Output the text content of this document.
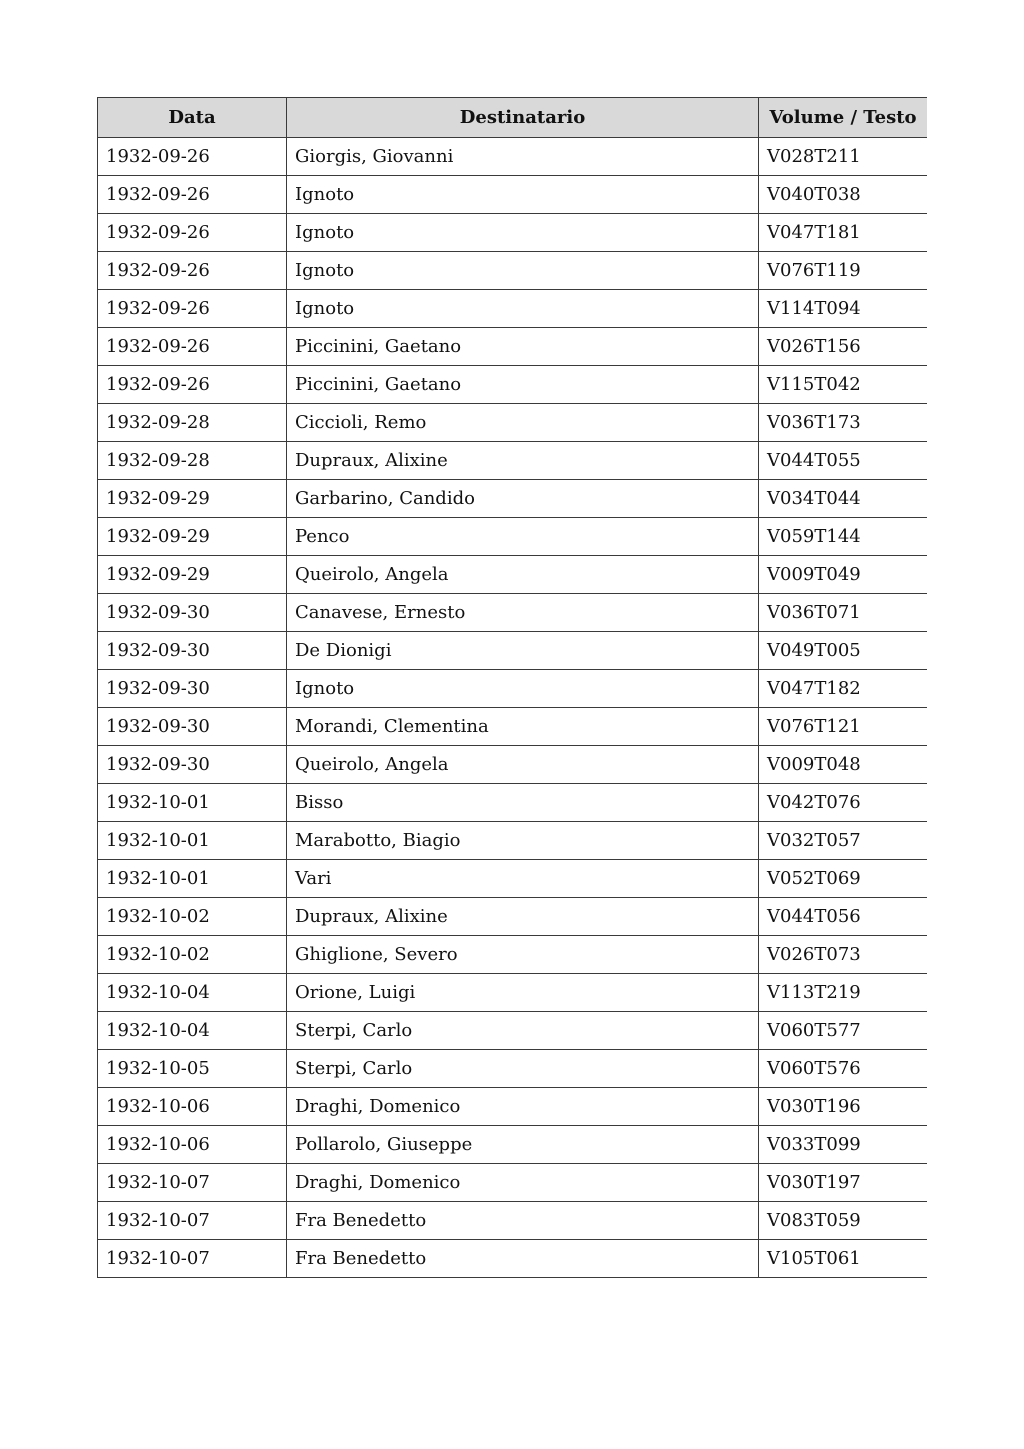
Data	Destinatario	Volume / Testo
1932-09-26	Giorgis, Giovanni	V028T211
1932-09-26	Ignoto	V040T038
1932-09-26	Ignoto	V047T181
1932-09-26	Ignoto	V076T119
1932-09-26	Ignoto	V114T094
1932-09-26	Piccinini, Gaetano	V026T156
1932-09-26	Piccinini, Gaetano	V115T042
1932-09-28	Ciccioli, Remo	V036T173
1932-09-28	Dupraux, Alixine	V044T055
1932-09-29	Garbarino, Candido	V034T044
1932-09-29	Penco	V059T144
1932-09-29	Queirolo, Angela	V009T049
1932-09-30	Canavese, Ernesto	V036T071
1932-09-30	De Dionigi	V049T005
1932-09-30	Ignoto	V047T182
1932-09-30	Morandi, Clementina	V076T121
1932-09-30	Queirolo, Angela	V009T048
1932-10-01	Bisso	V042T076
1932-10-01	Marabotto, Biagio	V032T057
1932-10-01	Vari	V052T069
1932-10-02	Dupraux, Alixine	V044T056
1932-10-02	Ghiglione, Severo	V026T073
1932-10-04	Orione, Luigi	V113T219
1932-10-04	Sterpi, Carlo	V060T577
1932-10-05	Sterpi, Carlo	V060T576
1932-10-06	Draghi, Domenico	V030T196
1932-10-06	Pollarolo, Giuseppe	V033T099
1932-10-07	Draghi, Domenico	V030T197
1932-10-07	Fra Benedetto	V083T059
1932-10-07	Fra Benedetto	V105T061
